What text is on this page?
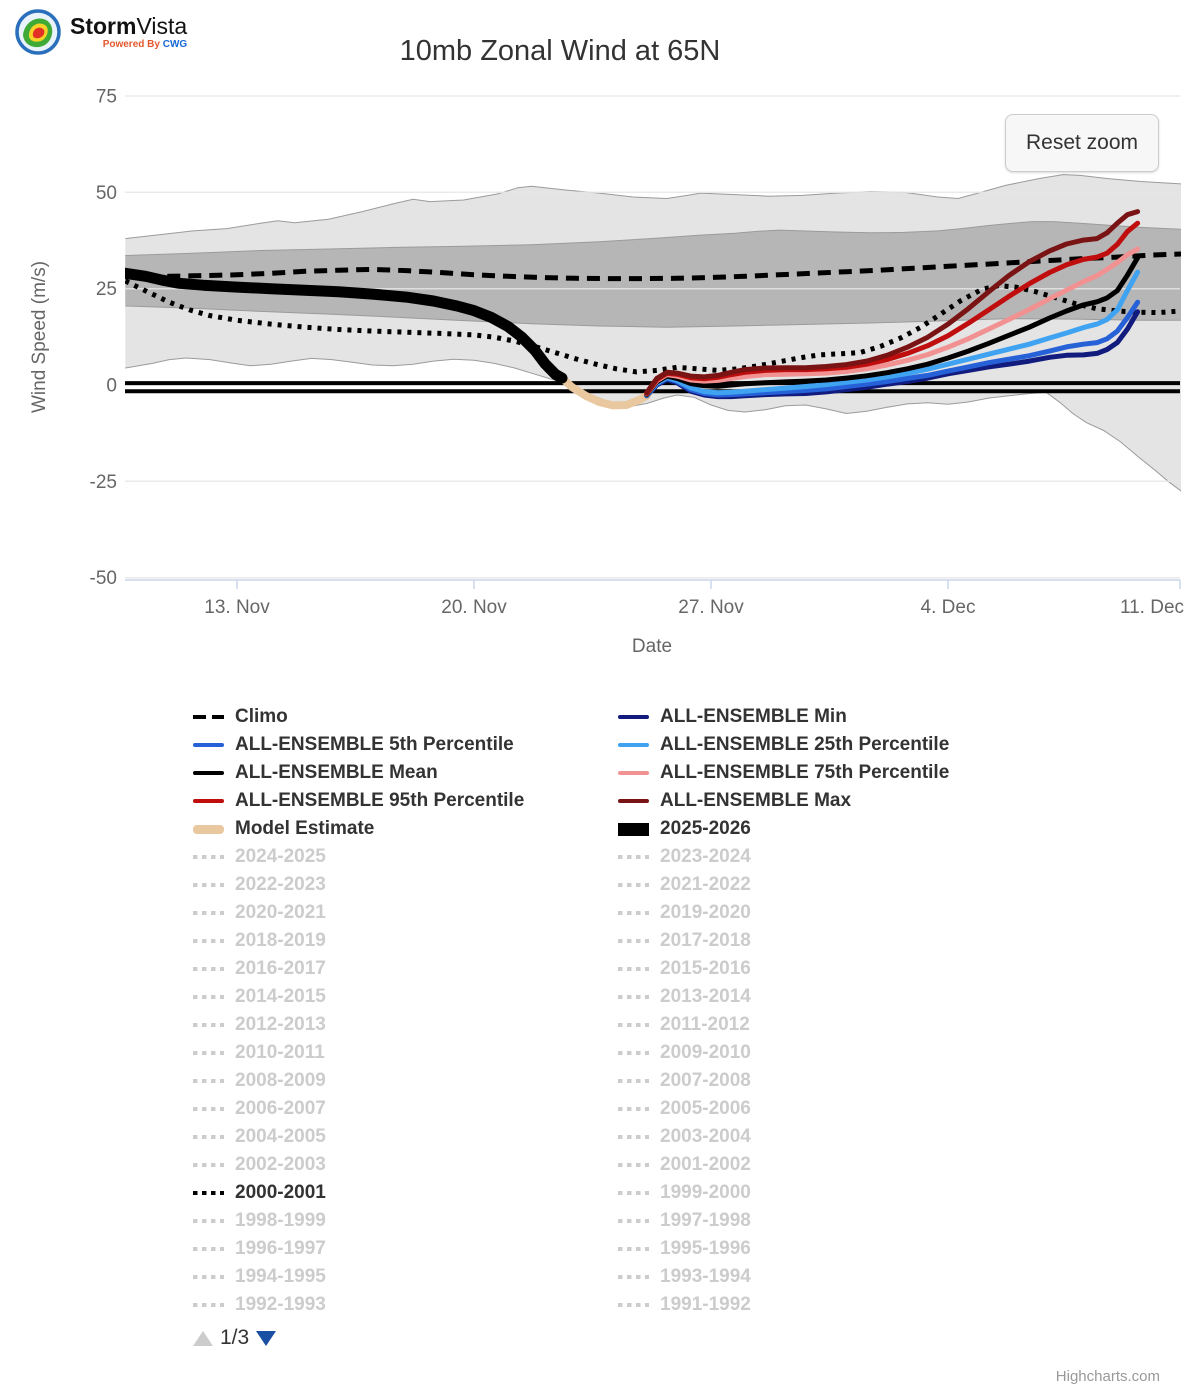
StormVista
Powered By CWG	10mb Zonal Wind at 65N
13. Nov	20. Nov	27. Nov	4. Dec	11. Dec
75
50
25
0
-25
-50
Wind Speed (m/s)
Date
Reset zoom
Climo
ALL-ENSEMBLE 5th Percentile
ALL-ENSEMBLE Mean
ALL-ENSEMBLE 95th Percentile
Model Estimate
2024-2025
2022-2023
2020-2021
2018-2019
2016-2017
2014-2015
2012-2013
2010-2011
2008-2009
2006-2007
2004-2005
2002-2003
2000-2001
1998-1999
1996-1997
1994-1995
1992-1993
ALL-ENSEMBLE Min
ALL-ENSEMBLE 25th Percentile
ALL-ENSEMBLE 75th Percentile
ALL-ENSEMBLE Max
2025-2026
2023-2024
2021-2022
2019-2020
2017-2018
2015-2016
2013-2014
2011-2012
2009-2010
2007-2008
2005-2006
2003-2004
2001-2002
1999-2000
1997-1998
1995-1996
1993-1994
1991-1992
1/3
Highcharts.com
